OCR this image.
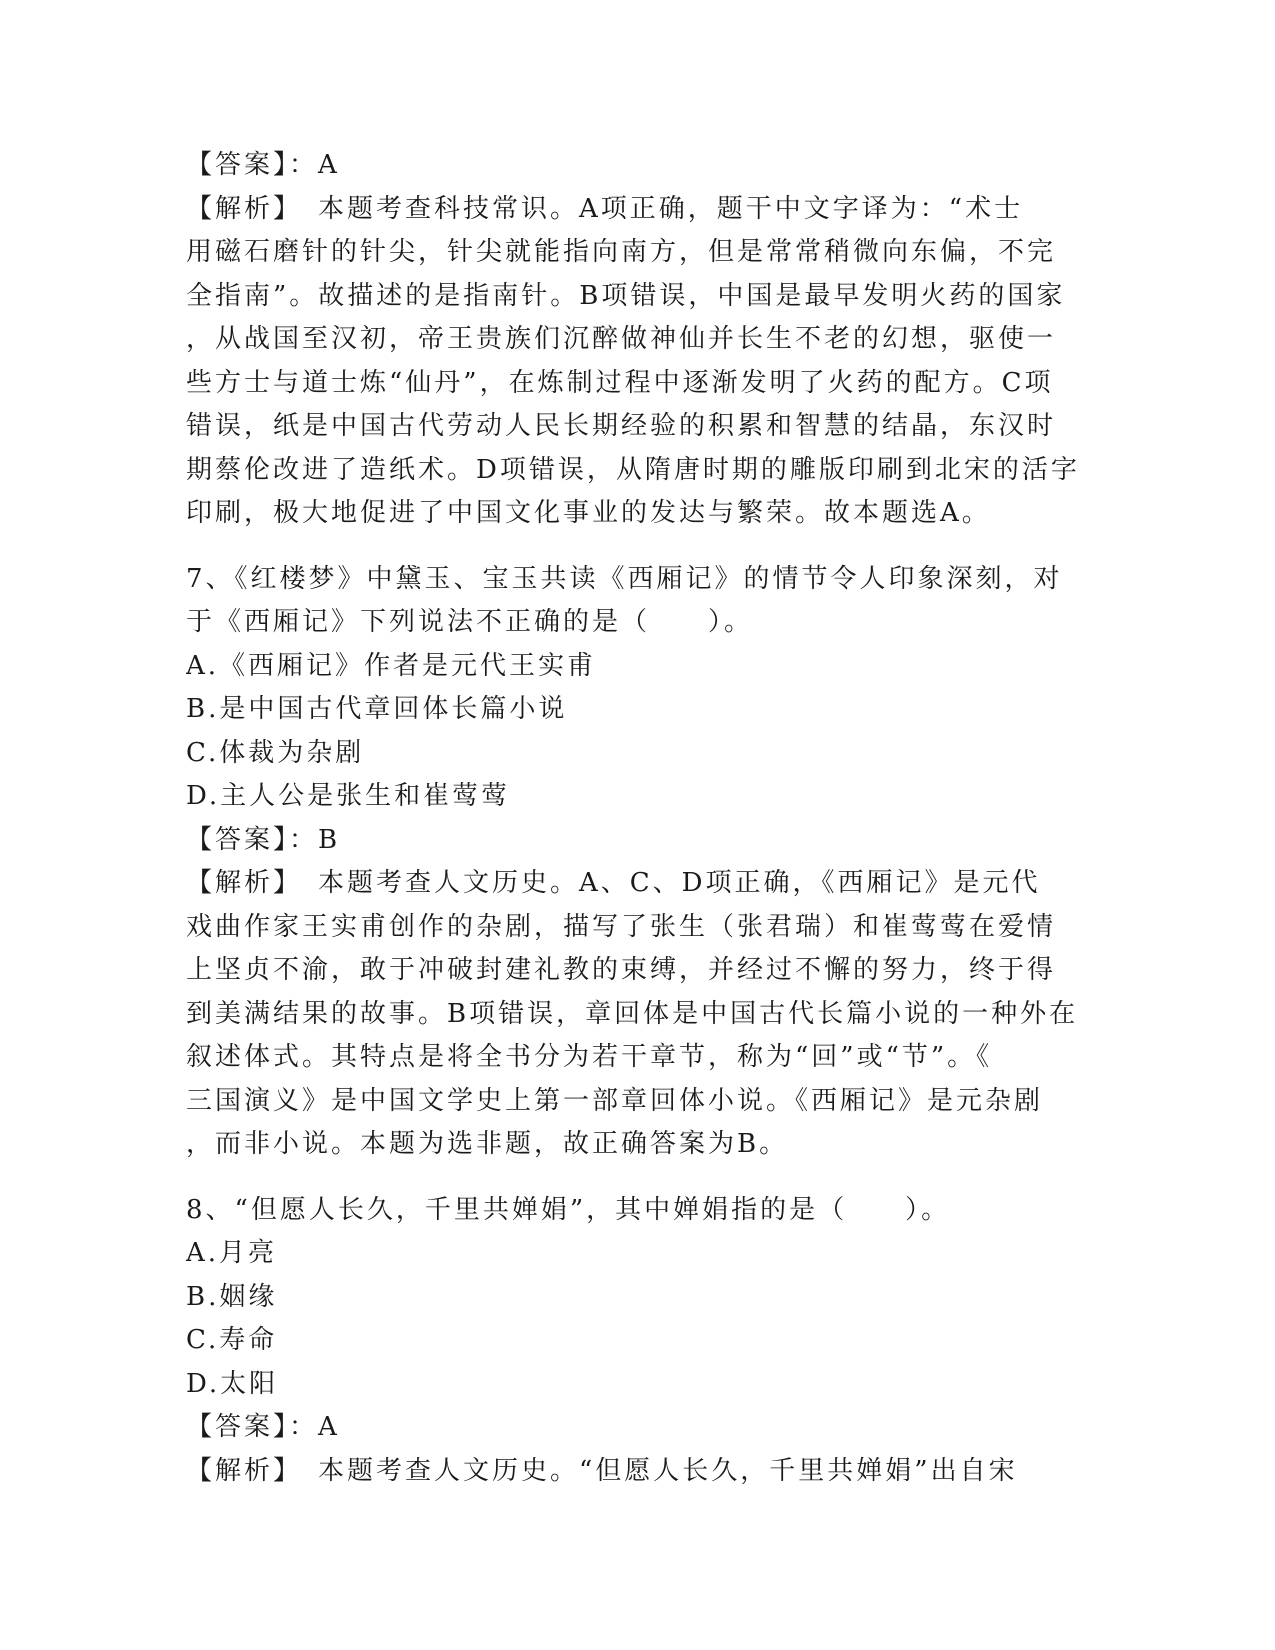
【答案】：A
【解析】　本题考查科技常识。A项正确，题干中文字译为：“术士
用磁石磨针的针尖，针尖就能指向南方，但是常常稍微向东偏，不完
全指南”。故描述的是指南针。B项错误，中国是最早发明火药的国家
，从战国至汉初，帝王贵族们沉醉做神仙并长生不老的幻想，驱使一
些方士与道士炼“仙丹”，在炼制过程中逐渐发明了火药的配方。C项
错误，纸是中国古代劳动人民长期经验的积累和智慧的结晶，东汉时
期蔡伦改进了造纸术。D项错误，从隋唐时期的雕版印刷到北宋的活字
印刷，极大地促进了中国文化事业的发达与繁荣。故本题选A。
7、《红楼梦》中黛玉、宝玉共读《西厢记》的情节令人印象深刻，对
于《西厢记》下列说法不正确的是（　　）。
A.《西厢记》作者是元代王实甫
B.是中国古代章回体长篇小说
C.体裁为杂剧
D.主人公是张生和崔莺莺
【答案】：B
【解析】　本题考查人文历史。A、C、D项正确，《西厢记》是元代
戏曲作家王实甫创作的杂剧，描写了张生（张君瑞）和崔莺莺在爱情
上坚贞不渝，敢于冲破封建礼教的束缚，并经过不懈的努力，终于得
到美满结果的故事。B项错误，章回体是中国古代长篇小说的一种外在
叙述体式。其特点是将全书分为若干章节，称为“回”或“节”。《
三国演义》是中国文学史上第一部章回体小说。《西厢记》是元杂剧
，而非小说。本题为选非题，故正确答案为B。
8、“但愿人长久，千里共婵娟”，其中婵娟指的是（　　）。
A.月亮
B.姻缘
C.寿命
D.太阳
【答案】：A
【解析】　本题考查人文历史。“但愿人长久，千里共婵娟”出自宋
